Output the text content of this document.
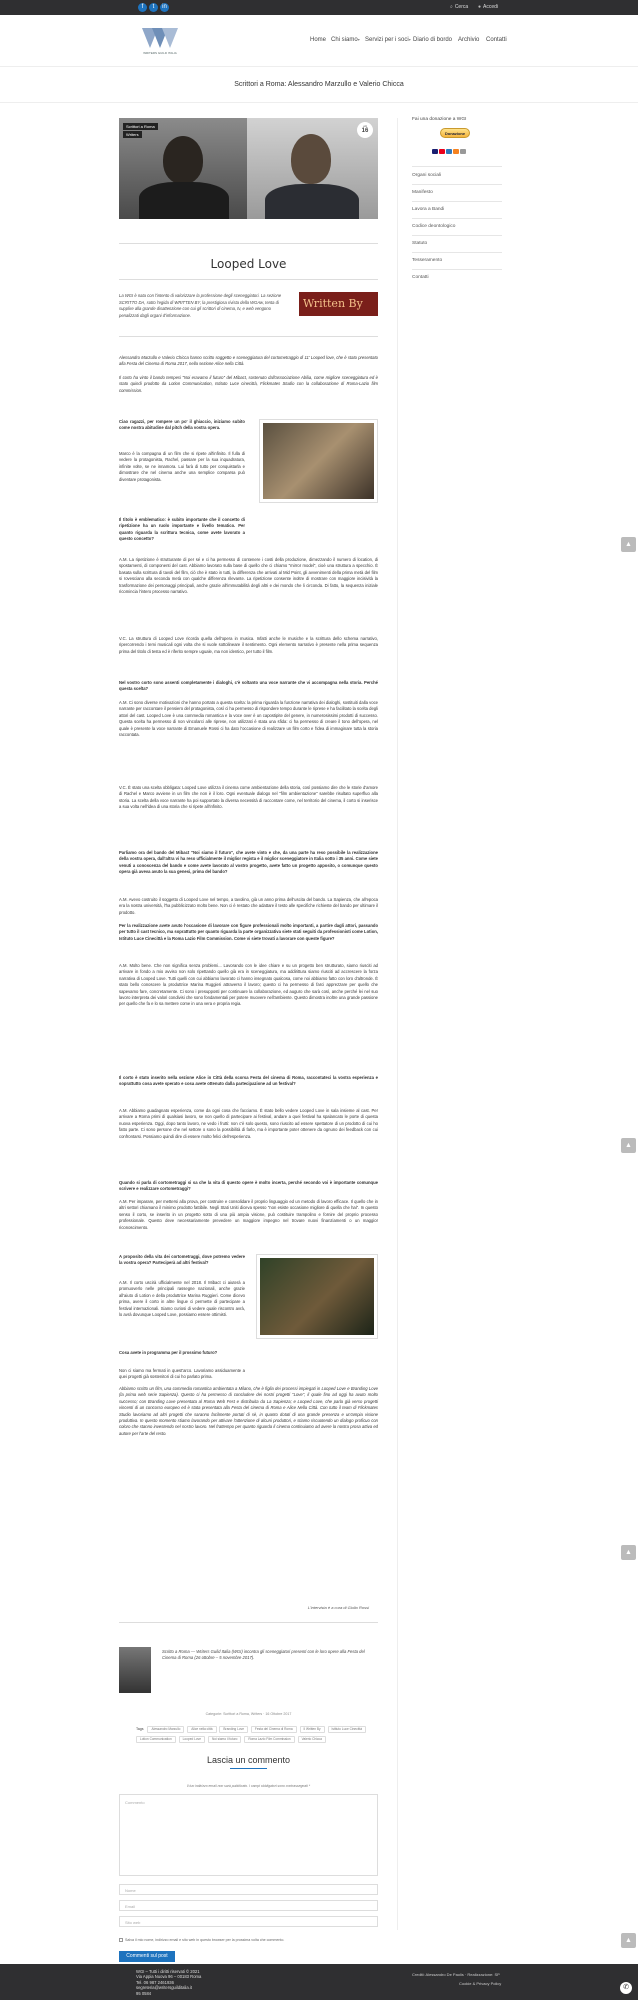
f	t	in	⌕ Cerca ● Accedi
WRITERS GUILD ITALIA
Home Chi siamo▾ Servizi per i soci▾ Diario di bordo Archivio Contatti
Scrittori a Roma: Alessandro Marzullo e Valerio Chicca
Scrittori a Roma
Writers
ott
16
Looped Love
La WGI è nata con l'intento di valorizzare la professione degli sceneggiatori. La sezione SCRITTO DA, sotto l'egida di WRITTEN BY, la prestigiosa rivista della WGAw, tenta di supplire alla grande disattenzione con cui gli scrittori di cinema, tv, e web vengono penalizzati dagli organi d'informazione.
Written By
Alessandro Marzullo e Valerio Chicca hanno scritto soggetto e sceneggiatura del cortometraggio di 11' Looped love, che è stato presentato alla Festa del Cinema di Roma 2017, nella sezione Alice nella Città.
Il corto ha vinto il bando tempesi "Noi eravamo il futuro" del Mibact, sostenuto dall'associazione Abilia, come migliore sceneggiatura ed è stato quindi prodotto da Lotion Communication, Istituto Luce cinecittà, Flickmates Studio con la collaborazione di Roma-Lazio film commission.
Ciao ragazzi, per rompere un po' il ghiaccio, iniziamo subito come nostra abitudine dal pitch della vostra opera.
Marco è la compagna di un film che si ripete all'infinito. Il fulla di vedere la protagonista, Rachel, passare per la sua inquadratura, infinite volte, se ne innamora. Lui farà di tutto per conquistarla e dimostrare che nel cinema anche una semplice comparsa può diventare protagonista.
Il titolo è emblematico: è subito importante che il concetto di ripetizione ha un ruolo importante e livello tematico. Per quanto riguarda la scrittura tecnica, come avete lavorato a questo concetto?
A.M. La ripetizione è strutturante di per sé e ci ha permesso di contenere i costi della produzione, dimezzando il numero di location, di spostamenti, di componenti del cast. Abbiamo lavorato sulla base di quello che ci chiamo "mirror model", cioè una struttura a specchio. È basata sulla scrittura di tavoli del film, ciò che è stato in tutti, la differenza che arrivati al Mid Point, gli avvenimenti della prima metà del film si rovesciano alla seconda metà con qualche differenza rilevante. La ripetizione consente inoltre di mostrare con maggiore incisività la trasformazione dei personaggi principali, anche grazie all'immutabilità degli altri e dei mondo che li circonda. Di fatto, la sequenza iniziale ricomincia l'intero processo narrativo.
V.C. La struttura di Looped Love ricorda quella dell'opera in musica. Infatti anche le musiche e la scrittura dello schema narrativo, ripercorrendo i temi musicali ogni volta che si vuole sottolineare il sentimento. Ogni elemento narrativo è presente nella prima sequenza prima del titolo di testa ed è riferito sempre uguale, ma non identico, per tutto il film.
Nel vostro corto sono assenti completamente i dialoghi, c'è soltanto una voce narrante che vi accompagna nella storia. Perché questa scelta?
A.M. Ci sono diverse motivazioni che hanno portato a questa scelta: la prima riguarda la funzione narrativa dei dialoghi, sostituiti dalla voce narrante per raccontare il pensiero del protagonista, così ci ha permesso di rispondere tempo durante le riprese e ha facilitato la scelta degli attori del cast. Looped Love è una commedia romantica e la voce over è un capostipite del genere, in numerosissimi prodotti di successo. Questa scelta ha permesso di non vincolarci alle riprese, non utilizzati è stata una sfida: ci ha permesso di creare il tono dell'opera, nel quale è presente la voce narrante di Emanuele Rossi ci ha dato l'occasione di realizzare un film corto e l'idea di immaginare tutta la storia raccontata.
V.C. È stato una scelta obbligata: Looped Love utilizza il cinema come ambientazione della storia, così possiamo dire che le storie d'amore di Rachel e Marco avviene in un film che non è il loro. Ogni eventuale dialogo nel "film ambientazione" sarebbe risultato superfluo alla storia. La scelta della voce narrante ha poi supportato la diversa necessità di raccontare come, nel territorio del cinema, il corto si inserisce a sua volta nell'idea di una storia che si ripete all'infinito.
Parliamo ora del bando del Mibact "Noi siamo il futuro", che avete vinto e che, da una parte ha reso possibile la realizzazione della vostra opera, dall'altra vi ha reso ufficialmente il miglior regista e il miglior sceneggiatore in Italia sotto i 35 anni. Come siete venuti a conoscenza del bando e come avete lavorato al vostro progetto, avete fatto un progetto apposito, o comunque questo opera già aveva avuto la sua genesi, prima del bando?
A.M. Avevo costruito il soggetto di Looped Love nel tempo, a tavolino, già un anno prima dell'uscita del bando. La Sapienza, che all'epoca era la nostra università, l'ha pubblicizzato molto bene. Non ci è restato che adattare il testo alle specifiche richieste del bando per ultimare il prodotto.
Per la realizzazione avete avuto l'occasione di lavorare con figure professionali molto importanti, a partire dagli attori, passando per tutto il cast tecnico, ma soprattutto per quanto riguarda la parte organizzativa siete stati seguiti da professionisti come Lotion, Istituto Luce Cinecittà e la Roma Lazio Film Commission. Come vi siete trovati a lavorare con queste figure?
A.M. Molto bene. Che non significa senza problemi... Lavorando con le idee chiare e su un progetto ben strutturato, siamo riusciti ad arrivare in fondo a mio avviso non solo ripettando quello già era in sceneggiatura, ma addirittura siamo riusciti ad accrescere la forza narrativa di Looped Love. Tutti quelli con cui abbiamo lavorato ci hanno insegnato qualcosa, come noi abbiamo fatto con loro d'altronde. È stato bello conoscere la produttrice Marina Ruggieri attraverso il lavoro; questo ci ha permesso di farci apprezzare per quello che sapevamo fare, concretamente. Ci sono i presupposti per continuare la collaborazione, ed auguro che sarà così, anche perché lei nel suo lavoro interpreta dei valori condivisi che sono fondamentali per potere muovere nell'ambiente. Questo dimostra inoltre una grande passione per quello che fa e lo sa mettere come in una vera e propria regia.
Il corto è stato inserito nella sezione Alice in Città della scorsa Festa del cinema di Roma, raccontateci la vostra esperienza e soprattutto cosa avete sperato e cosa avete ottenuto dalla partecipazione ad un festival?
A.M. Abbiamo guadagnato esperienza, come da ogni cosa che facciamo. È stato bello vedere Looped Love in sala insieme al cast. Per arrivare a Roma primi di qualsiasi lavoro, se non quello di partecipare ai festival, andare a quei festival ha spalancato le porte di questa nuova esperienza. Oggi, dopo tanto lavoro, ne vedo i frutti: non c'è solo questo, sono riuscito ad essere spettatore di un prodotto di cui ho fatto parte. Ci sono persone che nel settore o sono la possibilità di farlo, ma è importante poter ottenere da ognuno dei feedback con cui confrontarsi. Possiamo quindi dire di essere molto felici dell'esperienza.
Quando si parla di cortometraggi si sa che la vita di questo opere è molto incerta, perché secondo voi è importante comunque scrivere e realizzare cortometraggi?
A.M. Per imparare, per mettersi alla prova, per costruire e consolidare il proprio linguaggio ed un metodo di lavoro efficace. Il quello che in altri settori chiamano il minimo prodotto fattibile. Negli Stati Uniti diceva spesso "non esiste occasione migliore di quella che hai". In questo senso il corto, se inserito in un progetto sotto di una più ampia visione, può costituire trampolino e fornire del proprio processo professionale. Questo deve necessariamente prevedere un maggiore impegno nel trovare nuovi finanziamenti o un maggior riconoscimento.
A proposito della vita dei cortometraggi, dove potremo vedere la vostra opera? Parteciperà ad altri festival?
A.M. Il corto uscirà ufficialmente nel 2018. Il Mibact ci aiuterà a promuoverlo nelle principali rassegne nazionali, anche grazie all'aiuto di Lotion e della produttrice Marina Ruggieri. Come dicevo prima, avere il corto in altre lingue ci permette di partecipare a festival internazionali. Siamo curiosi di vedere quale riscontro avrà, lo avrà dovunque Looped Love, possiamo essere ottimisti.
Cosa avete in programma per il prossimo futuro?
Non ci siamo ma fermati in quest'arco. Lavoriamo assiduamente a quei progetti già sostenitori di cui ho parlato prima.
Abbiamo scritto un film, una commedia romantica ambientata a Milano, che è figlia dei processi impiegati in Looped Love e Branding Love (la prima web serie Sapienza). Questo ci ha permesso di concludere dei nostri progetti "Love", il quale fino ad oggi ha avuto molto successo; con Branding Love presentata al Roma Web Fest e distribuita da La Sapienza; e Looped Love, che parla già verso progetti vincenti di un concorso europeo ed è stata presentata alla Festa del cinema di Roma e Alice Nella Città. Con tutto il team di Flickmates Studio lavoriamo ad altri progetti che saranno facilmente portati di sè, in quanto dotati di una grande presenza e un'ampia visione produttiva. In questo momento stiamo lavorando per attivare l'attenzione di alcuni produttori, e stiamo riscuotendo un dialogo proficuo con coloro che stanno investendo nel nostro lavoro. Nel frattempo per quanto riguarda il cinema continuiamo ad avere la nostra prosa attiva ed autore per l'arte del resto.
L'intervista è a cura di Giulio Rossi
Scritto a Roma — Writers Guild Italia (WGI) incontra gli sceneggiatori presenti con le loro opere alla Festa del Cinema di Roma (26 ottobre – 5 novembre 2017).
Categorie: Scrittori a Roma, Writers · 16 Ottobre 2017
Tags Alessandro Marzullo	Alice nella città	Branding Love	Festa del Cinema di Roma	Il Written By	Istituto Luce Cinecittà Lotion Communication	Looped Love	Noi siamo il futuro	Roma Lazio Film Commission	Valerio Chicca
Lascia un commento
Il tuo indirizzo email non sarà pubblicato. I campi obbligatori sono contrassegnati *
Commento
Nome
Email
Sito web
Salva il mio nome, indirizzo email e sito web in questo browser per la prossima volta che commento.
Commenti sul post
Fai una donazione a WGI
Donazione
Organi sociali
Manifesto
Lavora a Bandi
Codice deontologico
Statuto
Tesseramento
Contatti
▲
▲
▲
▲
WGI – Tutti i diritti riservati © 2021
Via Appia Nuova 96 – 00183 Roma
Tel. 06 987 2461936
segreteria@writersguilditalia.it
95 0584
Crediti: Alessandro De Paolis · Realizzazione: SP
Cookie & Privacy Policy
✆
